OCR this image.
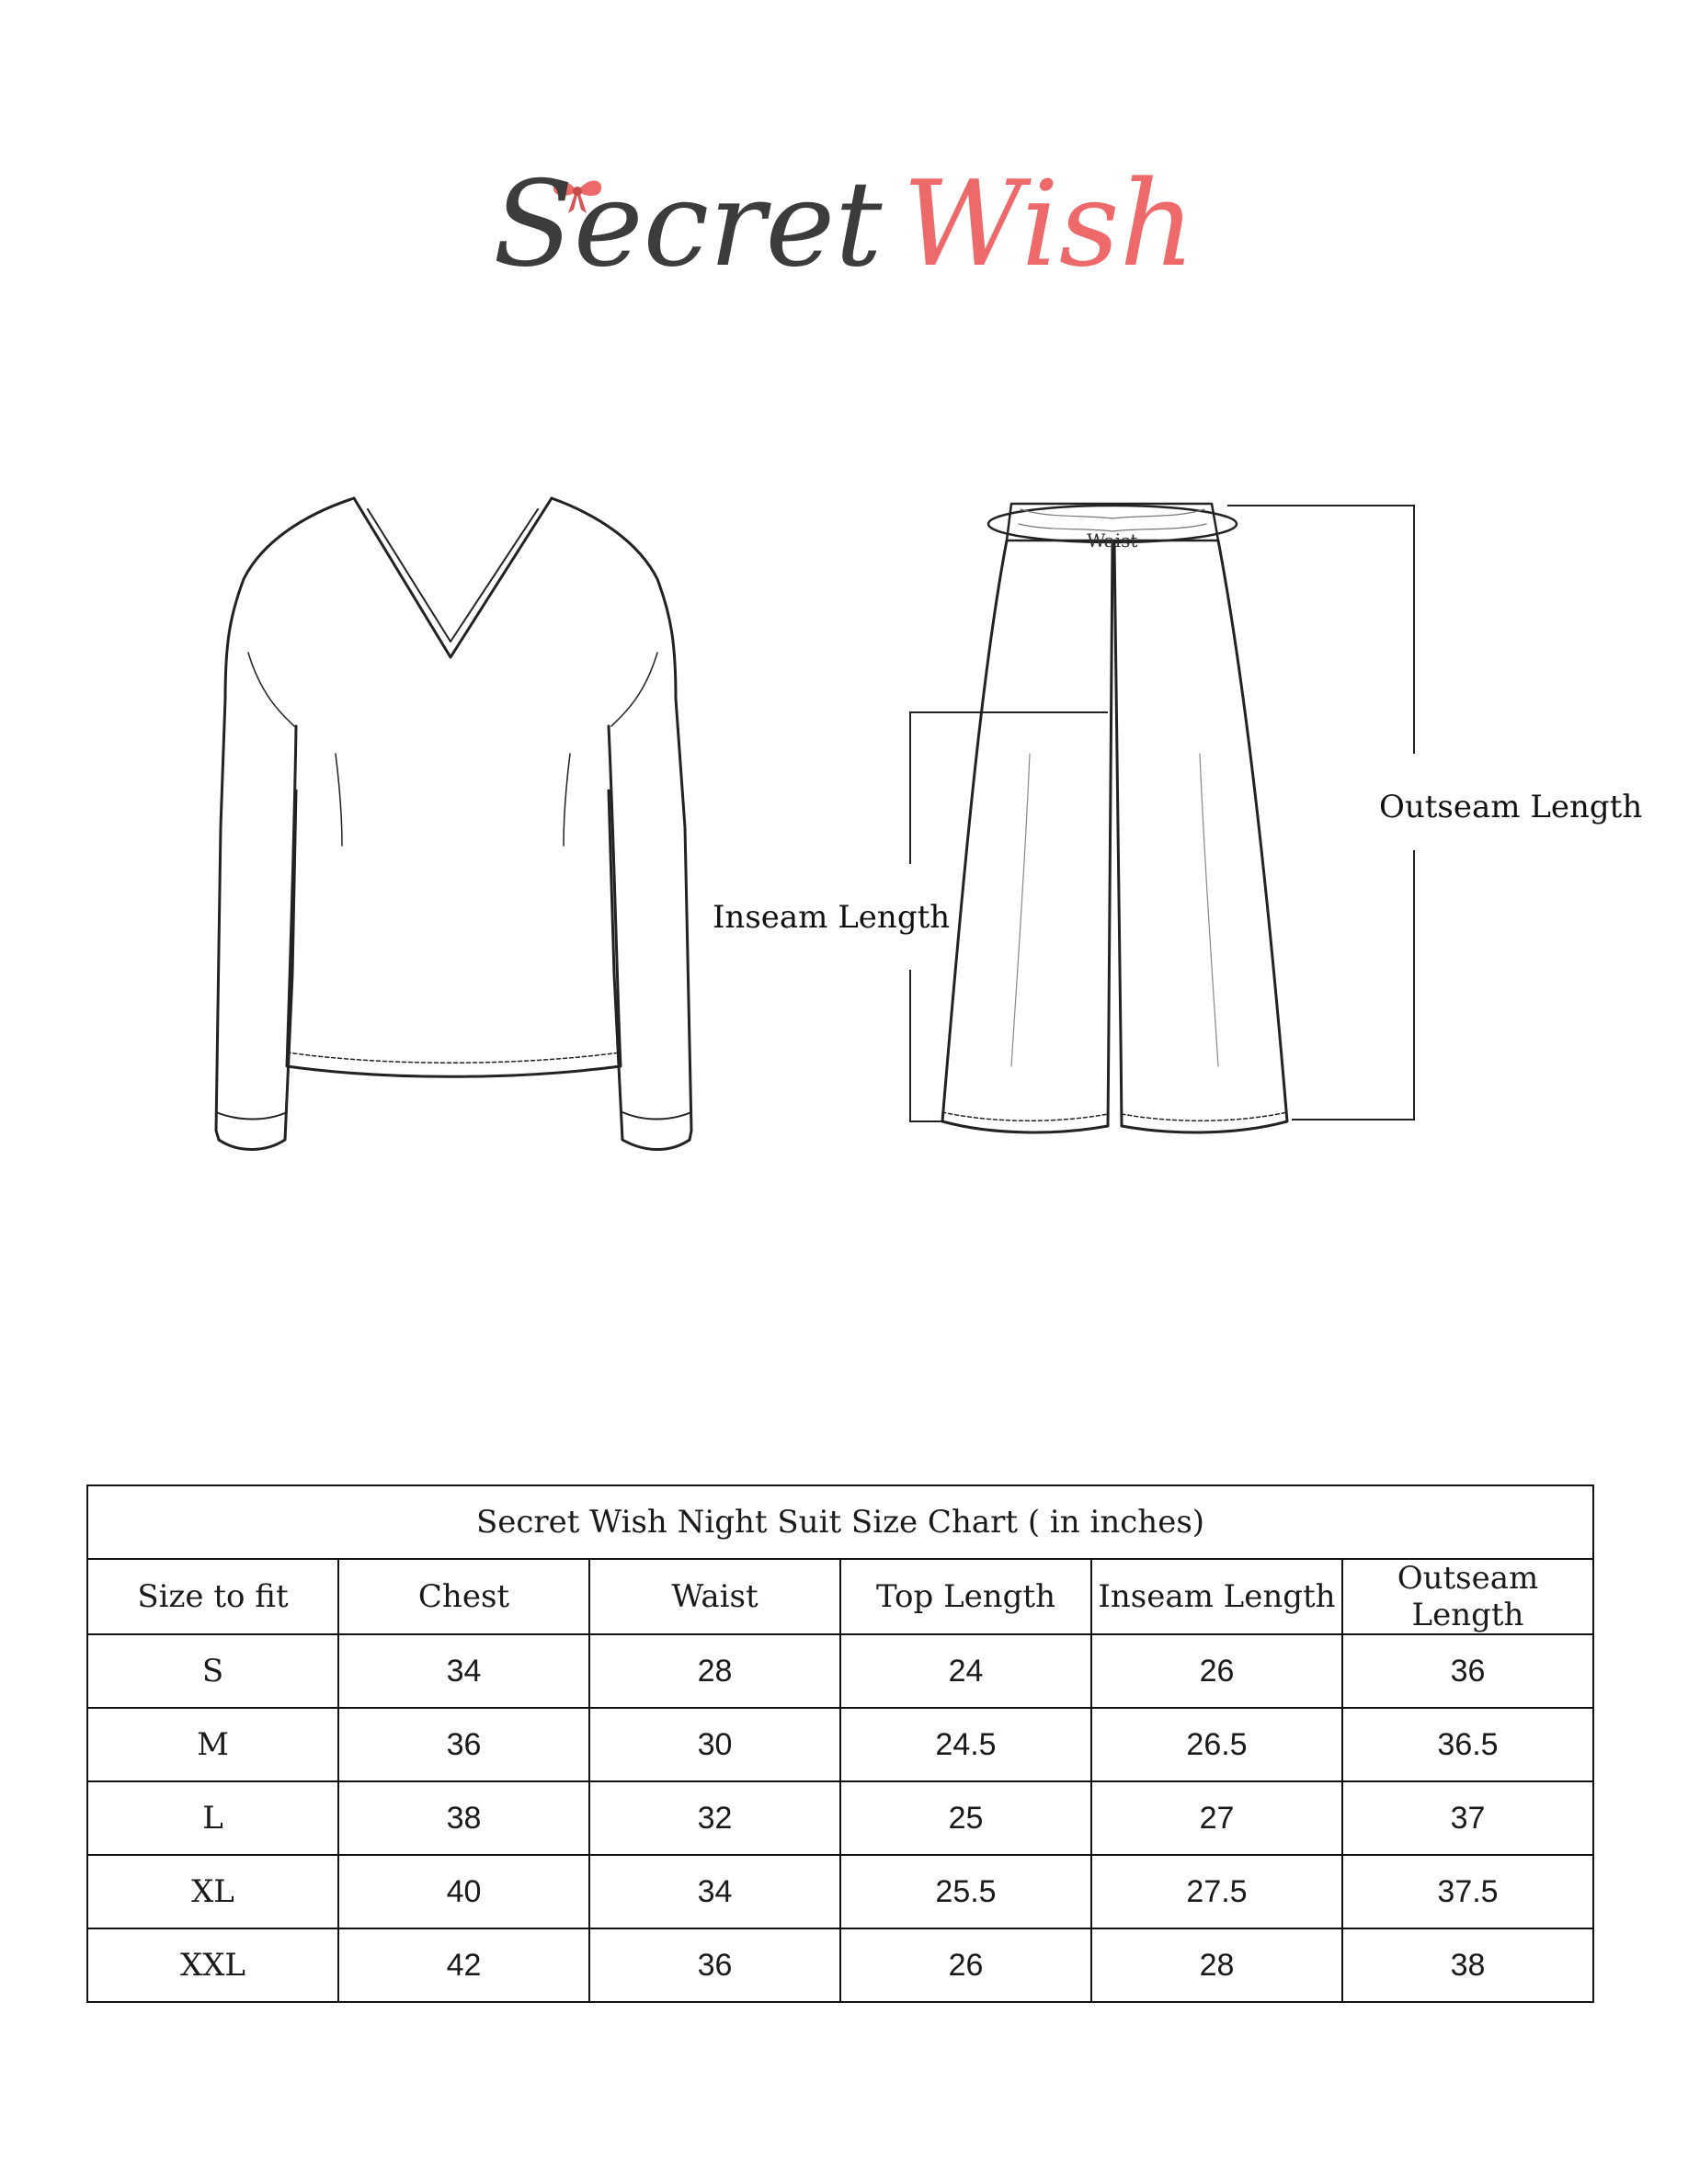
Secret Wish
Waist
Inseam Length
Outseam Length
Secret Wish Night Suit Size Chart ( in inches)					
Size to fit	Chest	Waist	Top Length	Inseam Length	Outseam Length
S	34	28	24	26	36
M	36	30	24.5	26.5	36.5
L	38	32	25	27	37
XL	40	34	25.5	27.5	37.5
XXL	42	36	26	28	38
